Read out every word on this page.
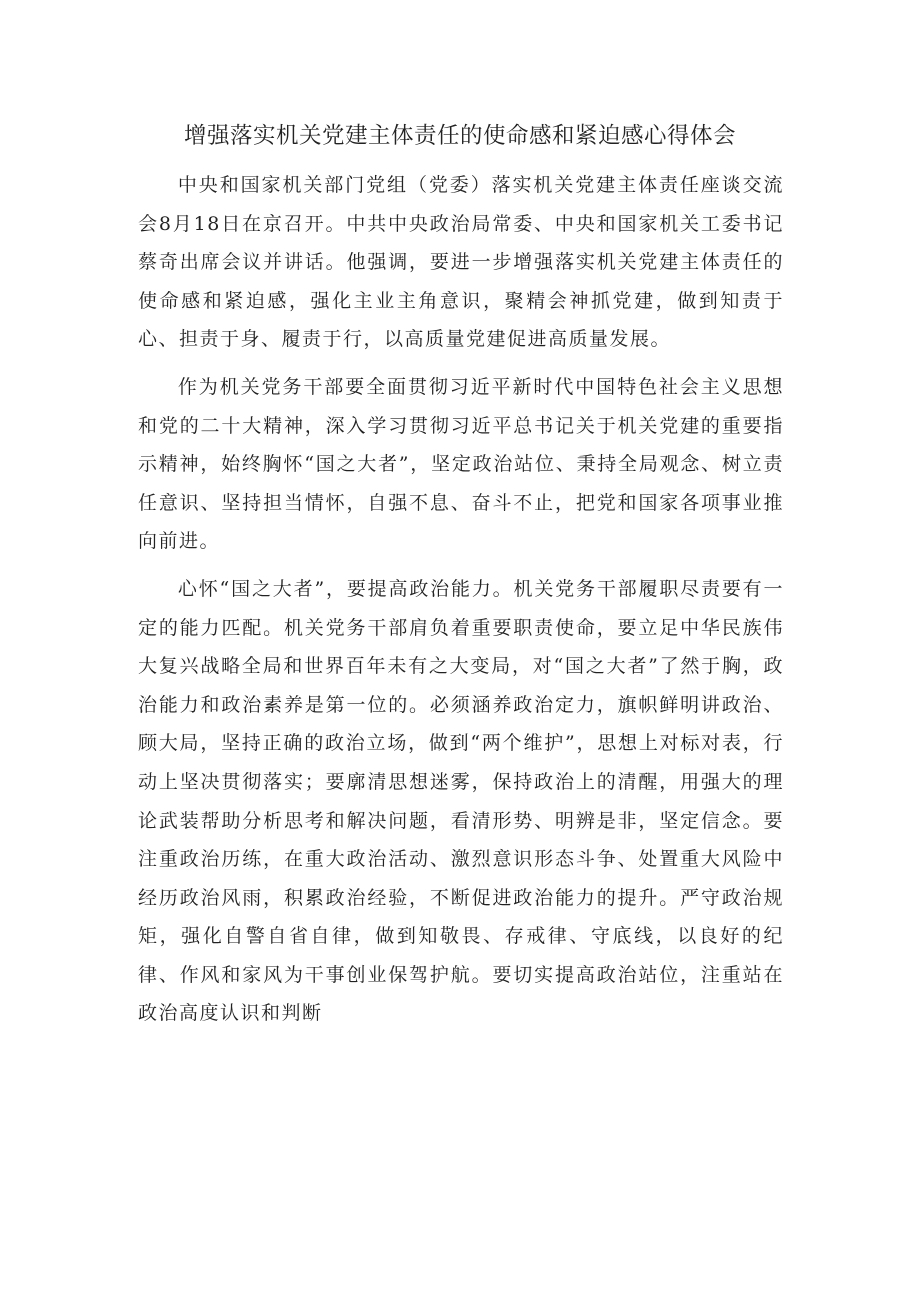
增强落实机关党建主体责任的使命感和紧迫感心得体会

中央和国家机关部门党组（党委）落实机关党建主体责任座谈交流会8月18日在京召开。中共中央政治局常委、中央和国家机关工委书记蔡奇出席会议并讲话。他强调，要进一步增强落实机关党建主体责任的使命感和紧迫感，强化主业主角意识，聚精会神抓党建，做到知责于心、担责于身、履责于行，以高质量党建促进高质量发展。

作为机关党务干部要全面贯彻习近平新时代中国特色社会主义思想和党的二十大精神，深入学习贯彻习近平总书记关于机关党建的重要指示精神，始终胸怀“国之大者”，坚定政治站位、秉持全局观念、树立责任意识、坚持担当情怀，自强不息、奋斗不止，把党和国家各项事业推向前进。

心怀“国之大者”，要提高政治能力。机关党务干部履职尽责要有一定的能力匹配。机关党务干部肩负着重要职责使命，要立足中华民族伟大复兴战略全局和世界百年未有之大变局，对“国之大者”了然于胸，政治能力和政治素养是第一位的。必须涵养政治定力，旗帜鲜明讲政治、顾大局，坚持正确的政治立场，做到“两个维护”，思想上对标对表，行动上坚决贯彻落实；要廓清思想迷雾，保持政治上的清醒，用强大的理论武装帮助分析思考和解决问题，看清形势、明辨是非，坚定信念。要注重政治历练，在重大政治活动、激烈意识形态斗争、处置重大风险中经历政治风雨，积累政治经验，不断促进政治能力的提升。严守政治规矩，强化自警自省自律，做到知敬畏、存戒律、守底线，以良好的纪律、作风和家风为干事创业保驾护航。要切实提高政治站位，注重站在政治高度认识和判断
